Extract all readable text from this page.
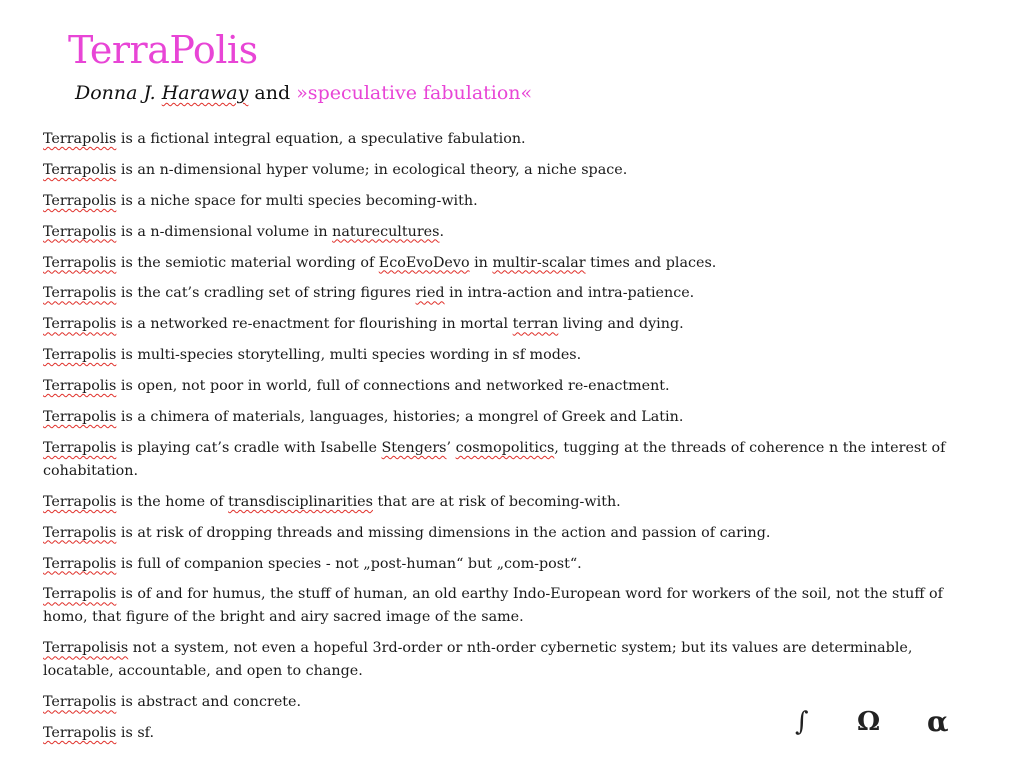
TerraPolis
Donna J. Haraway and »speculative fabulation«

Terrapolis is a fictional integral equation, a speculative fabulation.

Terrapolis is an n-dimensional hyper volume; in ecological theory, a niche space.

Terrapolis is a niche space for multi species becoming-with.

Terrapolis is a n-dimensional volume in naturecultures.

Terrapolis is the semiotic material wording of EcoEvoDevo in multir-scalar times and places.

Terrapolis is the cat’s cradling set of string figures ried in intra-action and intra-patience.

Terrapolis is a networked re-enactment for flourishing in mortal terran living and dying.

Terrapolis is multi-species storytelling, multi species wording in sf modes.

Terrapolis is open, not poor in world, full of connections and networked re-enactment.

Terrapolis is a chimera of materials, languages, histories; a mongrel of Greek and Latin.

Terrapolis is playing cat’s cradle with Isabelle Stengers’ cosmopolitics, tugging at the threads of coherence n the interest of cohabitation.

Terrapolis is the home of transdisciplinarities that are at risk of becoming-with.

Terrapolis is at risk of dropping threads and missing dimensions in the action and passion of caring.

Terrapolis is full of companion species - not „post-human“ but „com-post“.

Terrapolis is of and for humus, the stuff of human, an old earthy Indo-European word for workers of the soil, not the stuff of homo, that figure of the bright and airy sacred image of the same.

Terrapolisis not a system, not even a hopeful 3rd-order or nth-order cybernetic system; but its values are determinable, locatable, accountable, and open to change.

Terrapolis is abstract and concrete.

Terrapolis is sf.	∫ Ω α
